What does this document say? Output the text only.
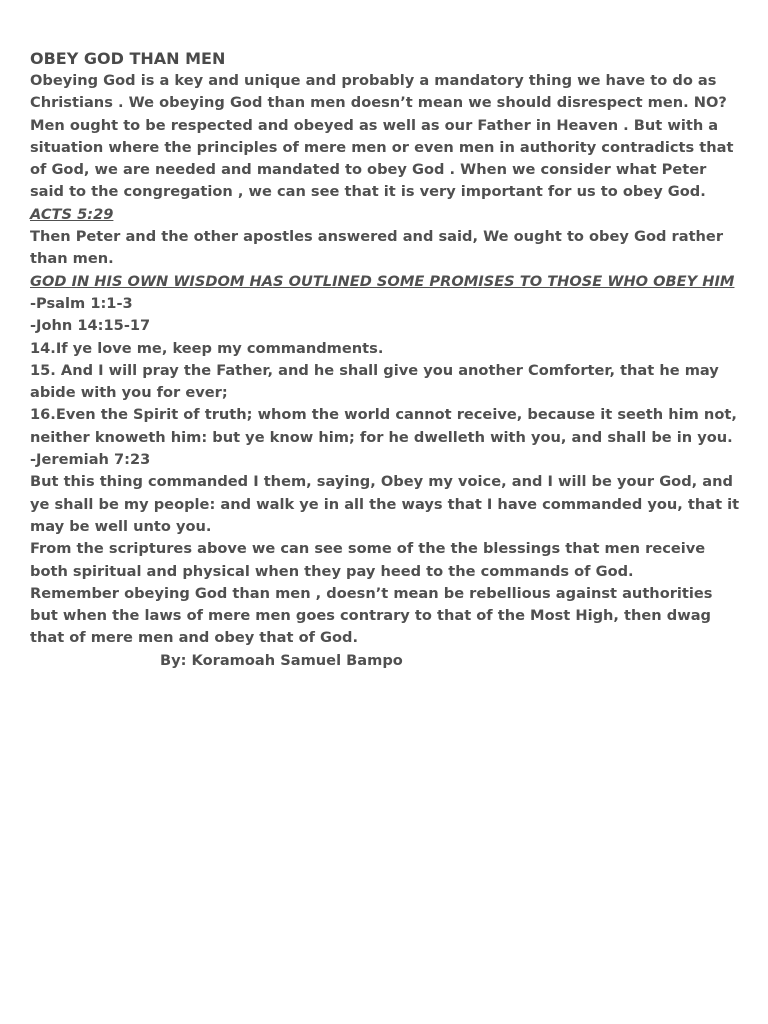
OBEY GOD THAN MEN
Obeying God is a key and unique and probably a mandatory thing we have to do as Christians . We obeying God than men doesn’t mean we should disrespect men. NO? Men ought to be respected and obeyed as well as our Father in Heaven . But with a situation where the principles of mere men or even men in authority contradicts that of God, we are needed and mandated to obey God . When we consider what Peter said to the congregation , we can see that it is very important for us to obey God.
ACTS 5:29
Then Peter and the other apostles answered and said, We ought to obey God rather than men.
GOD IN HIS OWN WISDOM HAS OUTLINED SOME PROMISES TO THOSE WHO OBEY HIM
-Psalm 1:1-3
-John 14:15-17
14.If ye love me, keep my commandments.
15. And I will pray the Father, and he shall give you another Comforter, that he may abide with you for ever;
16.Even the Spirit of truth; whom the world cannot receive, because it seeth him not, neither knoweth him: but ye know him; for he dwelleth with you, and shall be in you.
-Jeremiah 7:23
But this thing commanded I them, saying, Obey my voice, and I will be your God, and ye shall be my people: and walk ye in all the ways that I have commanded you, that it may be well unto you.
From the scriptures above we can see some of the the blessings that men receive both spiritual and physical when they pay heed to the commands of God.
Remember obeying God than men , doesn’t mean be rebellious against authorities but when the laws of mere men goes contrary to that of the Most High, then dwag that of mere men and obey that of God.
By: Koramoah Samuel Bampo
